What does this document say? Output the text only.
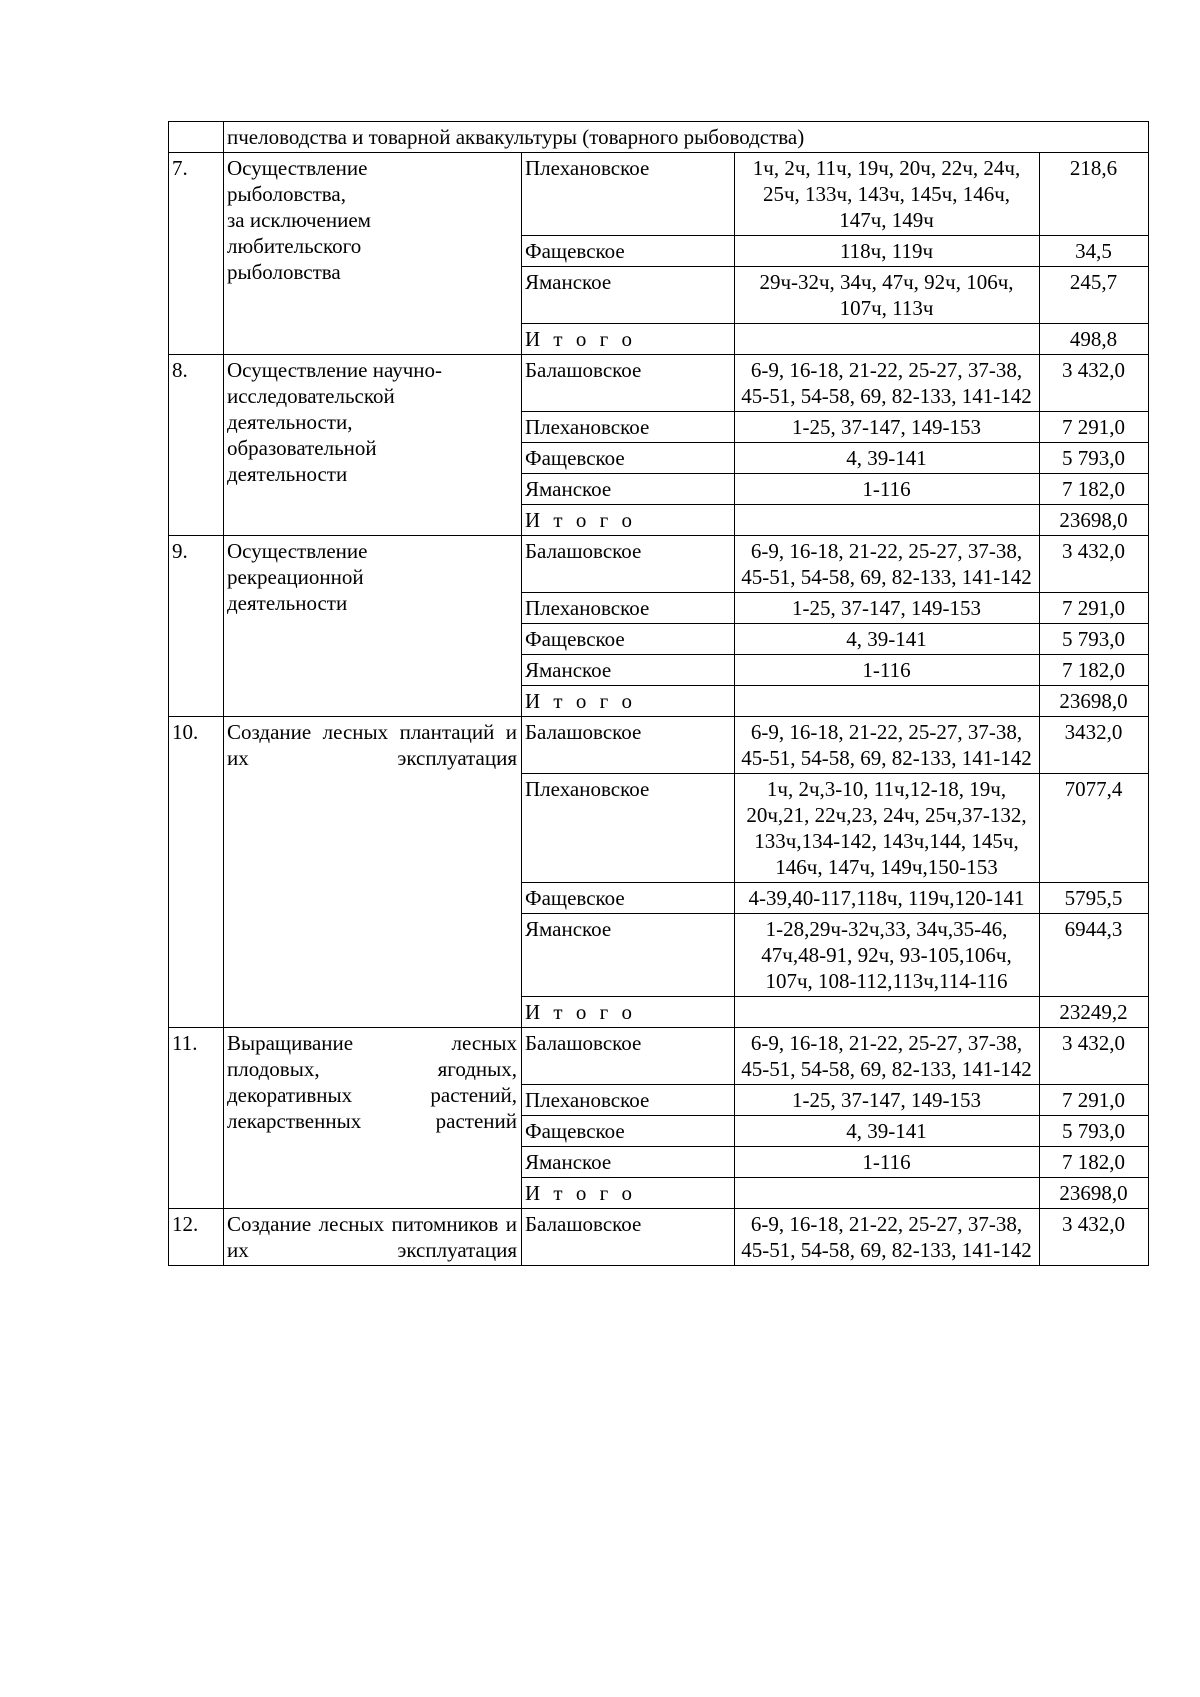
	пчеловодства и товарной аквакультуры (товарного рыбоводства)			
7.	Осуществление
рыболовства,
за исключением
любительского
рыболовства	Плехановское	1ч, 2ч, 11ч, 19ч, 20ч, 22ч, 24ч, 25ч, 133ч, 143ч, 145ч, 146ч, 147ч, 149ч	218,6
		Фащевское	118ч, 119ч	34,5
		Яманское	29ч-32ч, 34ч, 47ч, 92ч, 106ч, 107ч, 113ч	245,7
		И т о г о		498,8
8.	Осуществление научно-
исследовательской
деятельности,
образовательной
деятельности	Балашовское	6-9, 16-18, 21-22, 25-27, 37-38, 45-51, 54-58, 69, 82-133, 141-142	3 432,0
		Плехановское	1-25, 37-147, 149-153	7 291,0
		Фащевское	4, 39-141	5 793,0
		Яманское	1-116	7 182,0
		И т о г о		23698,0
9.	Осуществление
рекреационной
деятельности	Балашовское	6-9, 16-18, 21-22, 25-27, 37-38, 45-51, 54-58, 69, 82-133, 141-142	3 432,0
		Плехановское	1-25, 37-147, 149-153	7 291,0
		Фащевское	4, 39-141	5 793,0
		Яманское	1-116	7 182,0
		И т о г о		23698,0
10.	Создание лесных плантаций и их эксплуатация	Балашовское	6-9, 16-18, 21-22, 25-27, 37-38, 45-51, 54-58, 69, 82-133, 141-142	3432,0
		Плехановское	1ч, 2ч,3-10, 11ч,12-18, 19ч, 20ч,21, 22ч,23, 24ч, 25ч,37-132, 133ч,134-142, 143ч,144, 145ч, 146ч, 147ч, 149ч,150-153	7077,4
		Фащевское	4-39,40-117,118ч, 119ч,120-141	5795,5
		Яманское	1-28,29ч-32ч,33, 34ч,35-46, 47ч,48-91, 92ч, 93-105,106ч, 107ч, 108-112,113ч,114-116	6944,3
		И т о г о		23249,2
11.	Выращивание лесных плодовых, ягодных, декоративных растений, лекарственных растений	Балашовское	6-9, 16-18, 21-22, 25-27, 37-38, 45-51, 54-58, 69, 82-133, 141-142	3 432,0
		Плехановское	1-25, 37-147, 149-153	7 291,0
		Фащевское	4, 39-141	5 793,0
		Яманское	1-116	7 182,0
		И т о г о		23698,0
12.	Создание лесных питомников и их эксплуатация	Балашовское	6-9, 16-18, 21-22, 25-27, 37-38, 45-51, 54-58, 69, 82-133, 141-142	3 432,0
